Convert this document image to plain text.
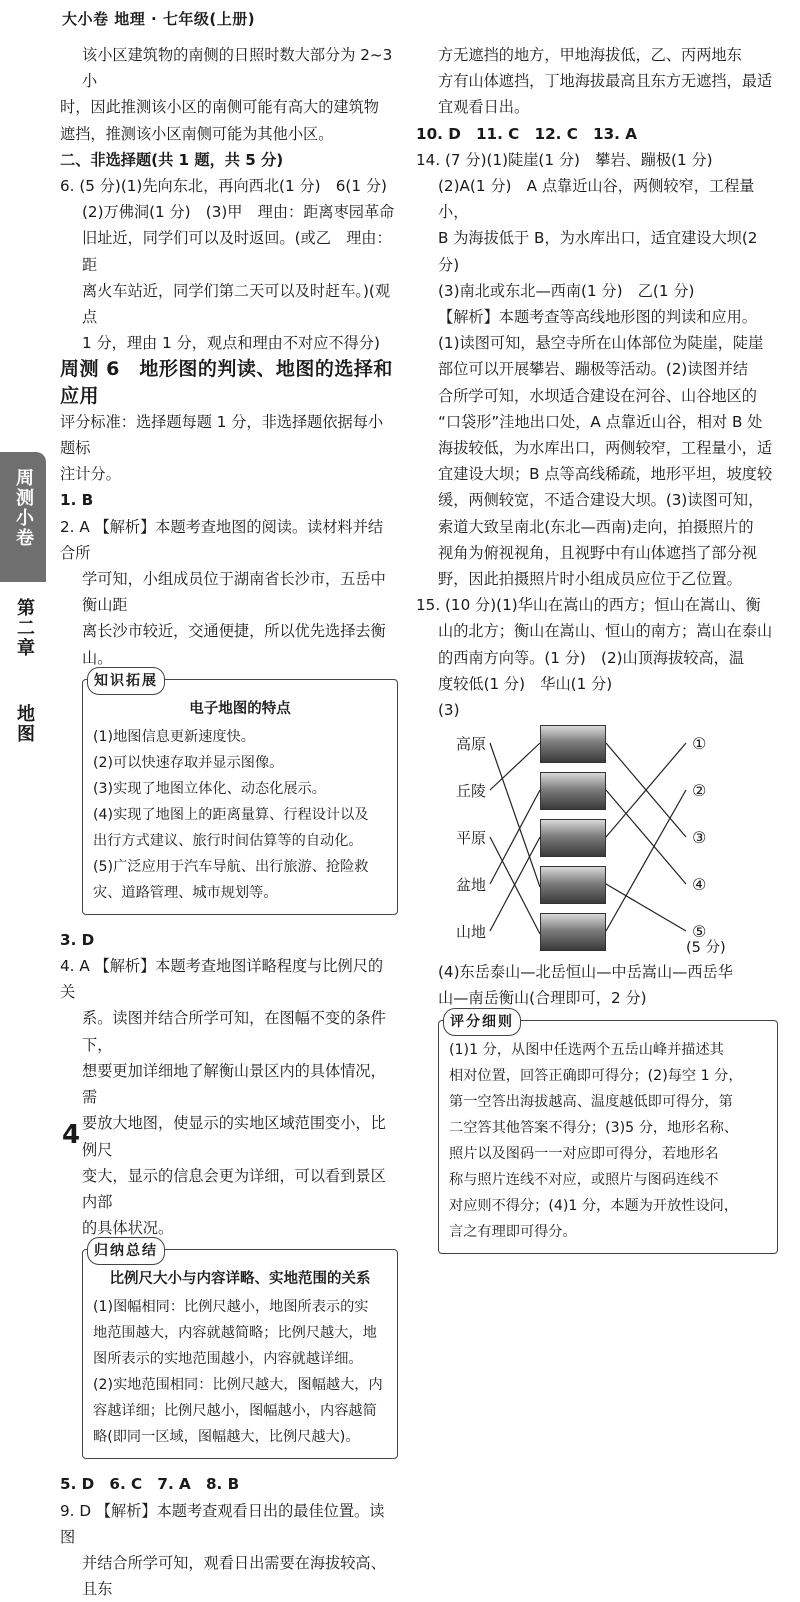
大小卷 地理 · 七年级(上册)
周测小卷
第二章
地图

该小区建筑物的南侧的日照时数大部分为 2~3 小

时，因此推测该小区的南侧可能有高大的建筑物

遮挡，推测该小区南侧可能为其他小区。

二、非选择题(共 1 题，共 5 分)

6. (5 分)(1)先向东北，再向西北(1 分)　6(1 分)

(2)万佛洞(1 分)　(3)甲　理由：距离枣园革命

旧址近，同学们可以及时返回。(或乙　理由：距

离火车站近，同学们第二天可以及时赶车。)(观点

1 分，理由 1 分，观点和理由不对应不得分)

周测 6　地形图的判读、地图的选择和应用

评分标准：选择题每题 1 分，非选择题依据每小题标

注计分。

1. B

2. A 【解析】本题考查地图的阅读。读材料并结合所

学可知，小组成员位于湖南省长沙市，五岳中衡山距

离长沙市较近，交通便捷，所以优先选择去衡山。

知识拓展
电子地图的特点
(1)地图信息更新速度快。
(2)可以快速存取并显示图像。
(3)实现了地图立体化、动态化展示。
(4)实现了地图上的距离量算、行程设计以及
出行方式建议、旅行时间估算等的自动化。
(5)广泛应用于汽车导航、出行旅游、抢险救
灾、道路管理、城市规划等。

3. D

4. A 【解析】本题考查地图详略程度与比例尺的关

系。读图并结合所学可知，在图幅不变的条件下，

想要更加详细地了解衡山景区内的具体情况，需

要放大地图，使显示的实地区域范围变小，比例尺

变大，显示的信息会更为详细，可以看到景区内部

的具体状况。

归纳总结
比例尺大小与内容详略、实地范围的关系
(1)图幅相同：比例尺越小，地图所表示的实
地范围越大，内容就越简略；比例尺越大，地
图所表示的实地范围越小，内容就越详细。
(2)实地范围相同：比例尺越大，图幅越大，内
容越详细；比例尺越小，图幅越小，内容越简
略(即同一区域，图幅越大，比例尺越大)。

5. D　6. C　7. A　8. B

9. D 【解析】本题考查观看日出的最佳位置。读图

并结合所学可知，观看日出需要在海拔较高、且东

方无遮挡的地方，甲地海拔低，乙、丙两地东

方有山体遮挡，丁地海拔最高且东方无遮挡，最适

宜观看日出。

10. D　11. C　12. C　13. A

14. (7 分)(1)陡崖(1 分)　攀岩、蹦极(1 分)

(2)A(1 分)　A 点靠近山谷，两侧较窄，工程量小，

B 为海拔低于 B，为水库出口，适宜建设大坝(2 分)

(3)南北或东北—西南(1 分)　乙(1 分)

【解析】本题考查等高线地形图的判读和应用。

(1)读图可知，悬空寺所在山体部位为陡崖，陡崖

部位可以开展攀岩、蹦极等活动。(2)读图并结

合所学可知，水坝适合建设在河谷、山谷地区的

“口袋形”洼地出口处，A 点靠近山谷，相对 B 处

海拔较低，为水库出口，两侧较窄，工程量小，适

宜建设大坝；B 点等高线稀疏，地形平坦，坡度较

缓，两侧较宽，不适合建设大坝。(3)读图可知，

索道大致呈南北(东北—西南)走向，拍摄照片的

视角为俯视视角，且视野中有山体遮挡了部分视

野，因此拍摄照片时小组成员应位于乙位置。

15. (10 分)(1)华山在嵩山的西方；恒山在嵩山、衡

山的北方；衡山在嵩山、恒山的南方；嵩山在泰山

的西南方向等。(1 分)　(2)山顶海拔较高，温

度较低(1 分)　华山(1 分)

(3)

高原
丘陵
平原
盆地
山地
①
②
③
④
⑤
(5 分)

(4)东岳泰山—北岳恒山—中岳嵩山—西岳华

山—南岳衡山(合理即可，2 分)

评分细则
(1)1 分，从图中任选两个五岳山峰并描述其
相对位置，回答正确即可得分；(2)每空 1 分，
第一空答出海拔越高、温度越低即可得分，第
二空答其他答案不得分；(3)5 分，地形名称、
照片以及图码一一对应即可得分，若地形名
称与照片连线不对应，或照片与图码连线不
对应则不得分；(4)1 分，本题为开放性设问，
言之有理即可得分。
4
